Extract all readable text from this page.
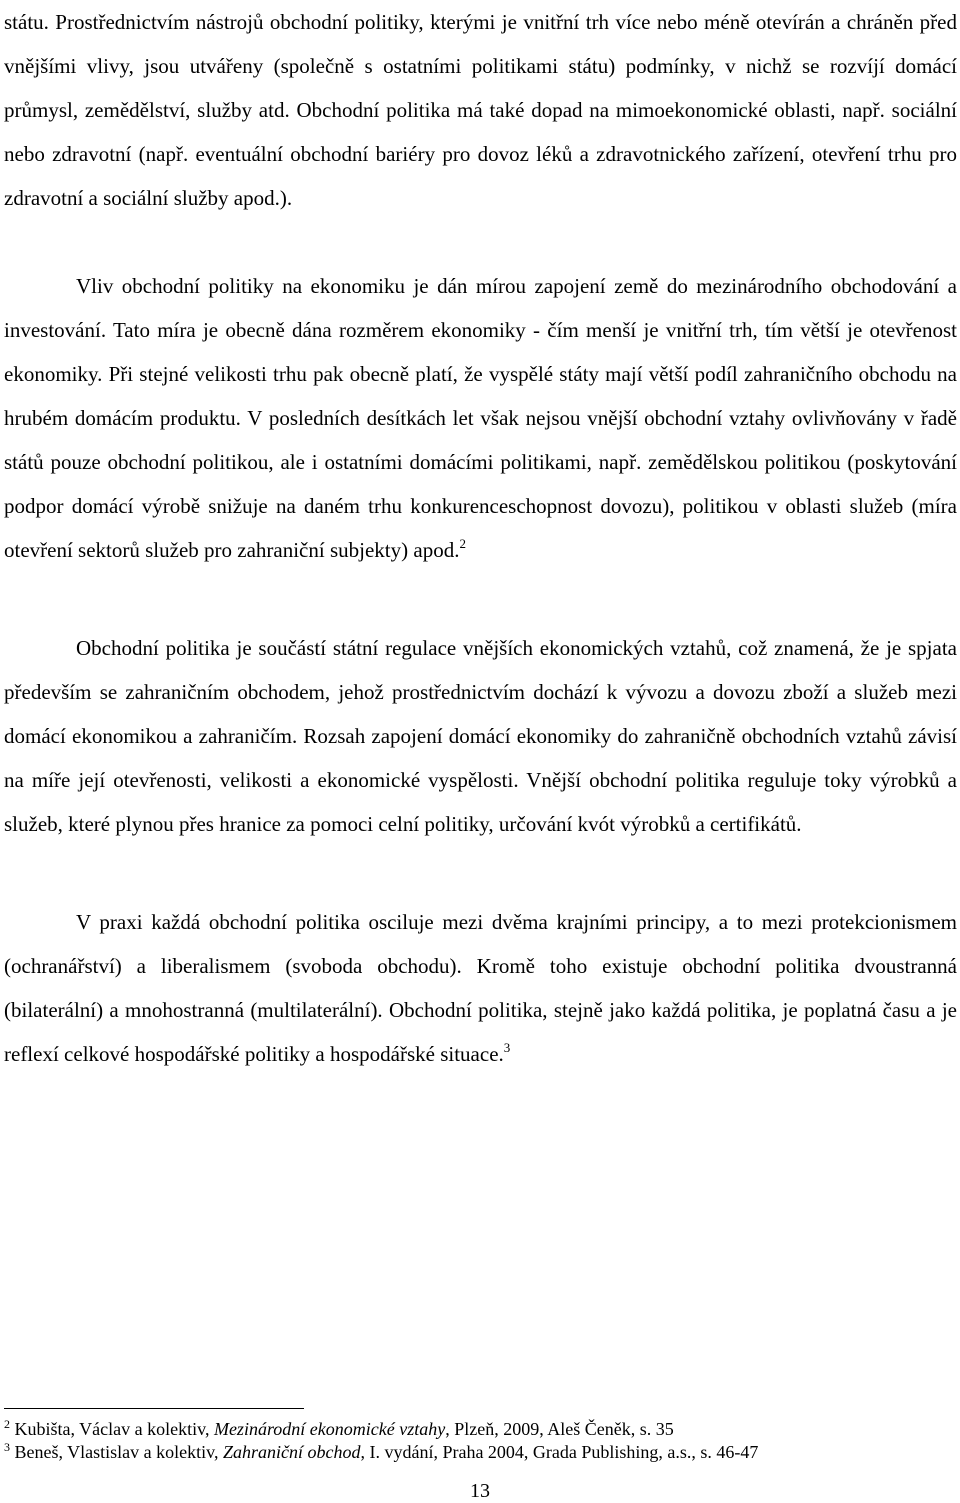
státu. Prostřednictvím nástrojů obchodní politiky, kterými je vnitřní trh více nebo méně otevírán a chráněn před vnějšími vlivy, jsou utvářeny (společně s ostatními politikami státu) podmínky, v nichž se rozvíjí domácí průmysl, zemědělství, služby atd. Obchodní politika má také dopad na mimoekonomické oblasti, např. sociální nebo zdravotní (např. eventuální obchodní bariéry pro dovoz léků a zdravotnického zařízení, otevření trhu pro zdravotní a sociální služby apod.).

Vliv obchodní politiky na ekonomiku je dán mírou zapojení země do mezinárodního obchodování a investování. Tato míra je obecně dána rozměrem ekonomiky - čím menší je vnitřní trh, tím větší je otevřenost ekonomiky. Při stejné velikosti trhu pak obecně platí, že vyspělé státy mají větší podíl zahraničního obchodu na hrubém domácím produktu. V posledních desítkách let však nejsou vnější obchodní vztahy ovlivňovány v řadě států pouze obchodní politikou, ale i ostatními domácími politikami, např. zemědělskou politikou (poskytování podpor domácí výrobě snižuje na daném trhu konkurenceschopnost dovozu), politikou v oblasti služeb (míra otevření sektorů služeb pro zahraniční subjekty) apod.$^2$

Obchodní politika je součástí státní regulace vnějších ekonomických vztahů, což znamená, že je spjata především se zahraničním obchodem, jehož prostřednictvím dochází k vývozu a dovozu zboží a služeb mezi domácí ekonomikou a zahraničím. Rozsah zapojení domácí ekonomiky do zahraničně obchodních vztahů závisí na míře její otevřenosti, velikosti a ekonomické vyspělosti. Vnější obchodní politika reguluje toky výrobků a služeb, které plynou přes hranice za pomoci celní politiky, určování kvót výrobků a certifikátů.

V praxi každá obchodní politika osciluje mezi dvěma krajními principy, a to mezi protekcionismem (ochranářství) a liberalismem (svoboda obchodu). Kromě toho existuje obchodní politika dvoustranná (bilaterální) a mnohostranná (multilaterální). Obchodní politika, stejně jako každá politika, je poplatná času a je reflexí celkové hospodářské politiky a hospodářské situace.$^3$

$^2$ Kubišta, Václav a kolektiv, Mezinárodní ekonomické vztahy, Plzeň, 2009, Aleš Čeněk, s. 35

$^3$ Beneš, Vlastislav a kolektiv, Zahraniční obchod, I. vydání, Praha 2004, Grada Publishing, a.s., s. 46-47

13
